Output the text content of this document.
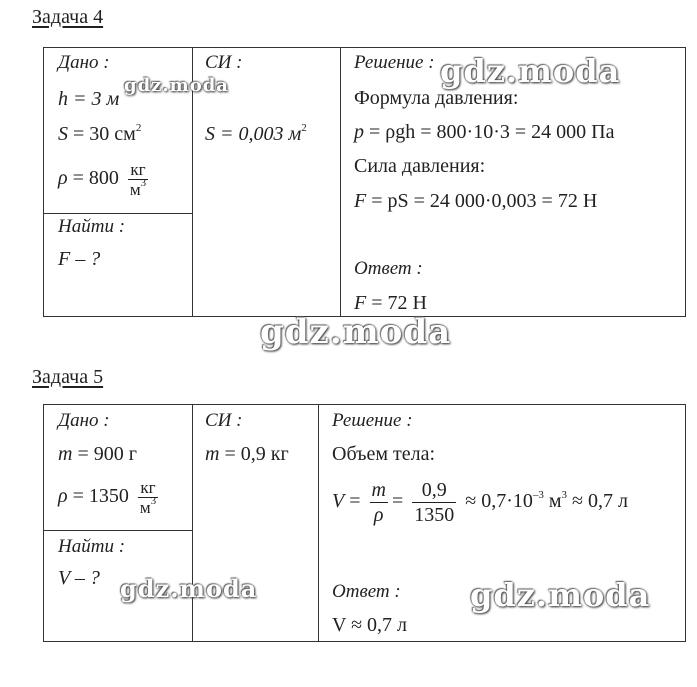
Задача 4

Дано :
h = 3 м
S = 30 $см^2$
$\rho = 800 \frac{кг}{м^3}$
Найти :
F – ?
СИ :
S = 0,003 $м^2$
Решение :
Формула давления:
p = ρgh = 800·10·3 = 24 000 Па
Сила давления:
F = pS = 24 000·0,003 = 72 Н
Ответ :
F = 72 Н
gdz.moda	gdz.moda
gdz.moda
Задача 5

Дано :
m = 900 г
$\rho = 1350 \frac{кг}{м^3}$
Найти :
V – ?
СИ :
m = 0,9 кг
Решение :
Объем тела:
$V = \frac{m}{\rho} = \frac{0,9}{1350} \approx 0,7\cdot 10^{-3}$ $м^3 \approx 0,7$ л
Ответ :
V ≈ 0,7 л
gdz.moda	gdz.moda
